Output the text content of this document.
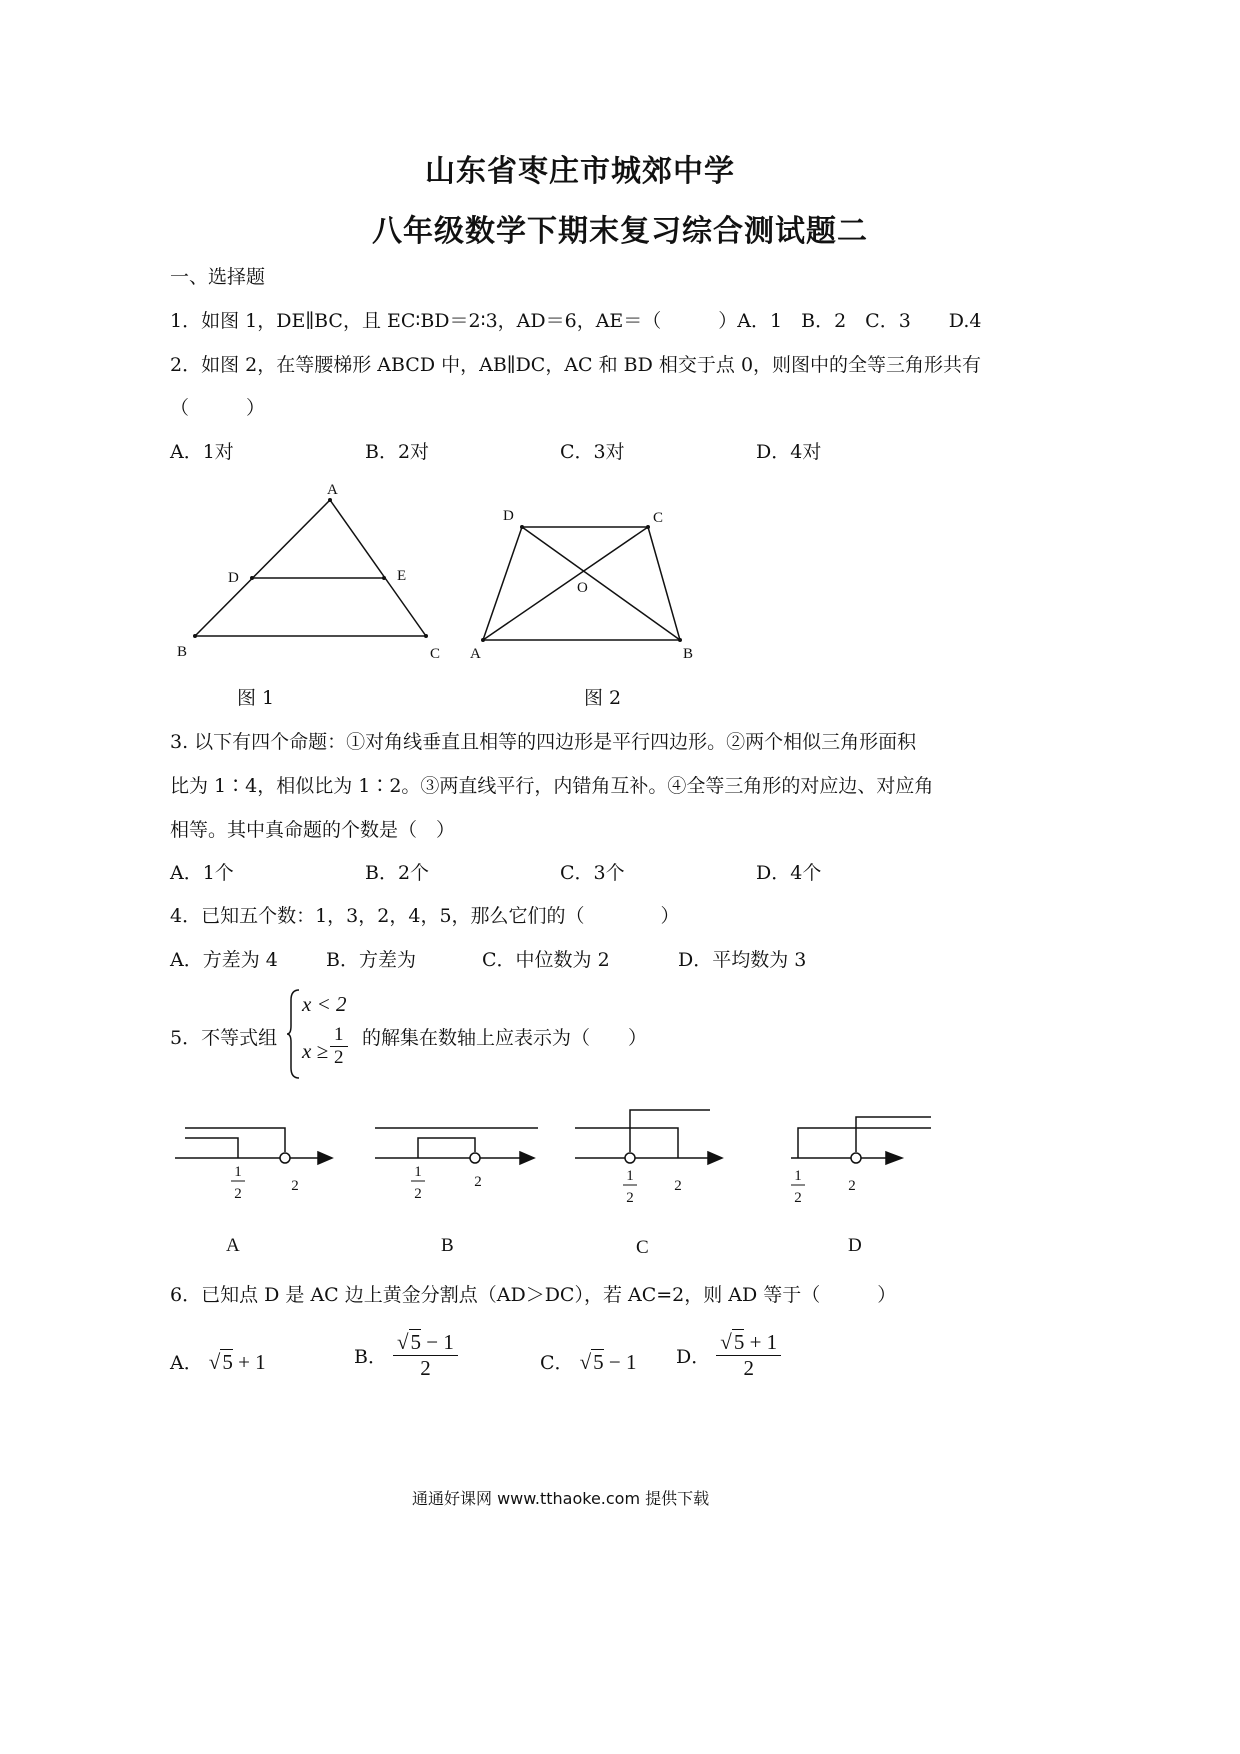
山东省枣庄市城郊中学
八年级数学下期末复习综合测试题二
一、选择题
1．如图 1，DE∥BC，且 EC∶BD＝2∶3，AD＝6，AE＝（　　　）A．1　B．2　C．3　　D.4
2．如图 2，在等腰梯形 ABCD 中，AB∥DC，AC 和 BD 相交于点 0，则图中的全等三角形共有
（　　　）
A．1对	B．2对	C．3对	D．4对
A
B	C
D	E
图 1
D	C
A	B
O
图 2
3. 以下有四个命题：①对角线垂直且相等的四边形是平行四边形。②两个相似三角形面积
比为 1∶4，相似比为 1∶2。③两直线平行，内错角互补。④全等三角形的对应边、对应角
相等。其中真命题的个数是（　）
A．1个	B．2个	C．3个	D．4个
4．已知五个数：1，3，2，4，5，那么它们的（　　　　）
A．方差为 4	B．方差为	C．中位数为 2	D．平均数为 3
5．不等式组
x < 2
$x \ge \frac{1}{2}$ 的解集在数轴上应表示为（　　）
1
2	2
1
2
2	1
2
2
1
2
2
A	B	C	D
6．已知点 D 是 AC 边上黄金分割点（AD＞DC），若 AC=2，则 AD 等于（　　　）
A． √5 + 1	B． $\frac{√5 - 1}{2}$	C． √5 − 1 D． $\frac{√5 + 1}{2}$
通通好课网 www.tthaoke.com 提供下载
